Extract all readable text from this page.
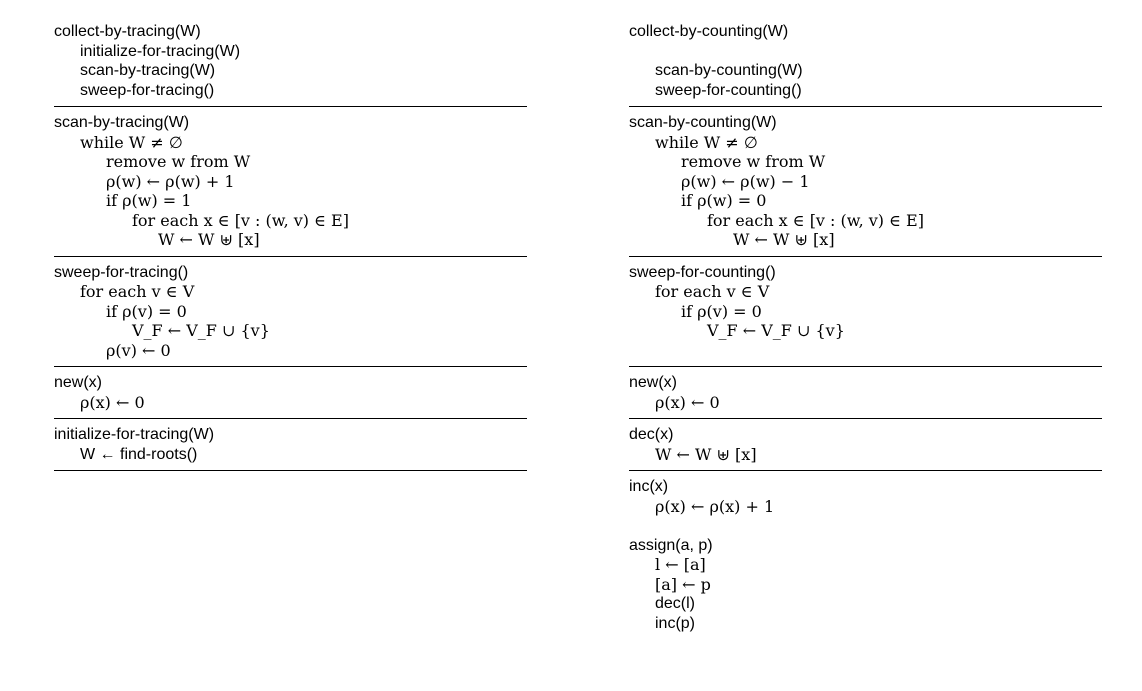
collect-by-tracing(W)
initialize-for-tracing(W)
scan-by-tracing(W)
sweep-for-tracing()
scan-by-tracing(W)
while W ≠ ∅
remove w from W
ρ(w) ← ρ(w) + 1
if ρ(w) = 1
for each x ∈ [v : (w, v) ∈ E]
W ← W ⊎ [x]
sweep-for-tracing()
for each v ∈ V
if ρ(v) = 0
V_F ← V_F ∪ {v}
ρ(v) ← 0
new(x)
ρ(x) ← 0
initialize-for-tracing(W)
W ← find-roots()
collect-by-counting(W)
scan-by-counting(W)
sweep-for-counting()
scan-by-counting(W)
while W ≠ ∅
remove w from W
ρ(w) ← ρ(w) − 1
if ρ(w) = 0
for each x ∈ [v : (w, v) ∈ E]
W ← W ⊎ [x]
sweep-for-counting()
for each v ∈ V
if ρ(v) = 0
V_F ← V_F ∪ {v}
new(x)
ρ(x) ← 0
dec(x)
W ← W ⊎ [x]
inc(x)
ρ(x) ← ρ(x) + 1
assign(a, p)
l ← [a]
[a] ← p
dec(l)
inc(p)
